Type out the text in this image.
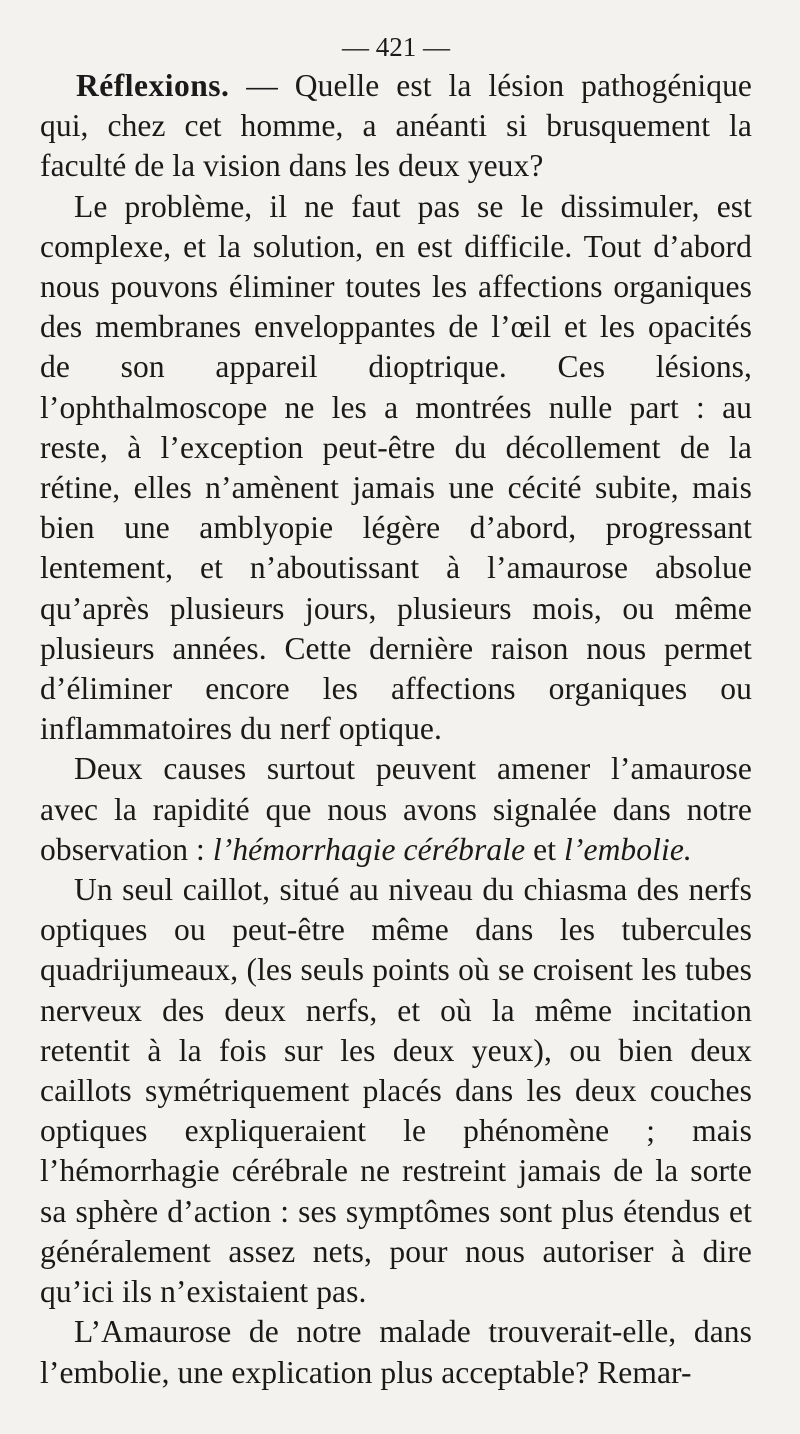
— 421 —

Réflexions. — Quelle est la lésion pathogénique qui, chez cet homme, a anéanti si brusquement la faculté de la vision dans les deux yeux?

Le problème, il ne faut pas se le dissimuler, est complexe, et la solution, en est difficile. Tout d’abord nous pouvons éliminer toutes les affections organiques des membranes enveloppantes de l’œil et les opacités de son appareil dioptrique. Ces lésions, l’ophthalmoscope ne les a montrées nulle part : au reste, à l’exception peut-être du décollement de la rétine, elles n’amènent jamais une cécité subite, mais bien une amblyopie légère d’abord, progressant lentement, et n’aboutissant à l’amaurose absolue qu’après plusieurs jours, plusieurs mois, ou même plusieurs années. Cette dernière raison nous permet d’éliminer encore les affections organiques ou inflammatoires du nerf optique.

Deux causes surtout peuvent amener l’amaurose avec la rapidité que nous avons signalée dans notre observation : l’hémorrhagie cérébrale et l’embolie.

Un seul caillot, situé au niveau du chiasma des nerfs optiques ou peut-être même dans les tubercules quadrijumeaux, (les seuls points où se croisent les tubes nerveux des deux nerfs, et où la même incitation retentit à la fois sur les deux yeux), ou bien deux caillots symétriquement placés dans les deux couches optiques expliqueraient le phénomène ; mais l’hémorrhagie cérébrale ne restreint jamais de la sorte sa sphère d’action : ses symptômes sont plus étendus et généralement assez nets, pour nous autoriser à dire qu’ici ils n’existaient pas.

L’Amaurose de notre malade trouverait-elle, dans l’embolie, une explication plus acceptable? Remar-
